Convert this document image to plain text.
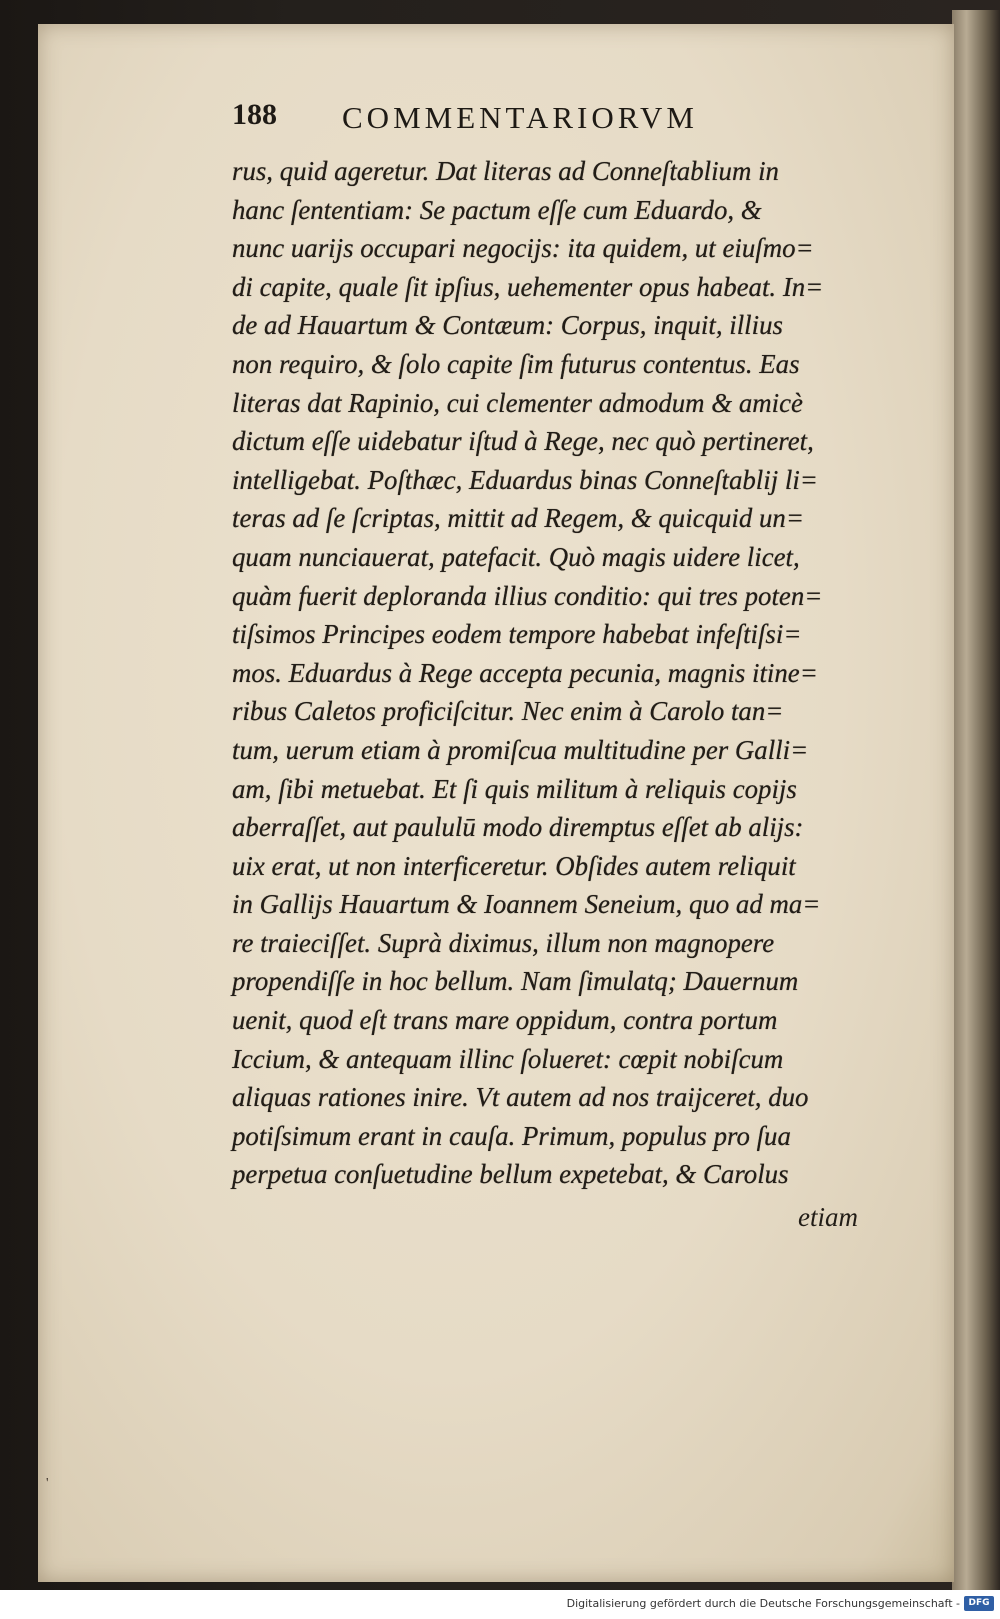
188 COMMENTARIORVM
rus, quid ageretur. Dat literas ad Conneſtablium in
hanc ſententiam: Se pactum eſſe cum Eduardo, &
nunc uarijs occupari negocijs: ita quidem, ut eiuſmo=
di capite, quale ſit ipſius, uehementer opus habeat. In=
de ad Hauartum & Contæum: Corpus, inquit, illius
non requiro, & ſolo capite ſim futurus contentus. Eas
literas dat Rapinio, cui clementer admodum & amicè
dictum eſſe uidebatur iſtud à Rege, nec quò pertineret,
intelligebat. Poſthæc, Eduardus binas Conneſtablij li=
teras ad ſe ſcriptas, mittit ad Regem, & quicquid un=
quam nunciauerat, patefacit. Quò magis uidere licet,
quàm fuerit deploranda illius conditio: qui tres poten=
tiſsimos Principes eodem tempore habebat infeſtiſsi=
mos. Eduardus à Rege accepta pecunia, magnis itine=
ribus Caletos proficiſcitur. Nec enim à Carolo tan=
tum, uerum etiam à promiſcua multitudine per Galli=
am, ſibi metuebat. Et ſi quis militum à reliquis copijs
aberraſſet, aut paululū modo diremptus eſſet ab alijs:
uix erat, ut non interficeretur. Obſides autem reliquit
in Gallijs Hauartum & Ioannem Seneium, quo ad ma=
re traieciſſet. Suprà diximus, illum non magnopere
propendiſſe in hoc bellum. Nam ſimulatq; Dauernum
uenit, quod eſt trans mare oppidum, contra portum
Iccium, & antequam illinc ſolueret: cœpit nobiſcum
aliquas rationes inire. Vt autem ad nos traijceret, duo
potiſsimum erant in cauſa. Primum, populus pro ſua
perpetua conſuetudine bellum expetebat, & Carolus
etiam
'
Digitalisierung gefördert durch die Deutsche Forschungsgemeinschaft - DFG
